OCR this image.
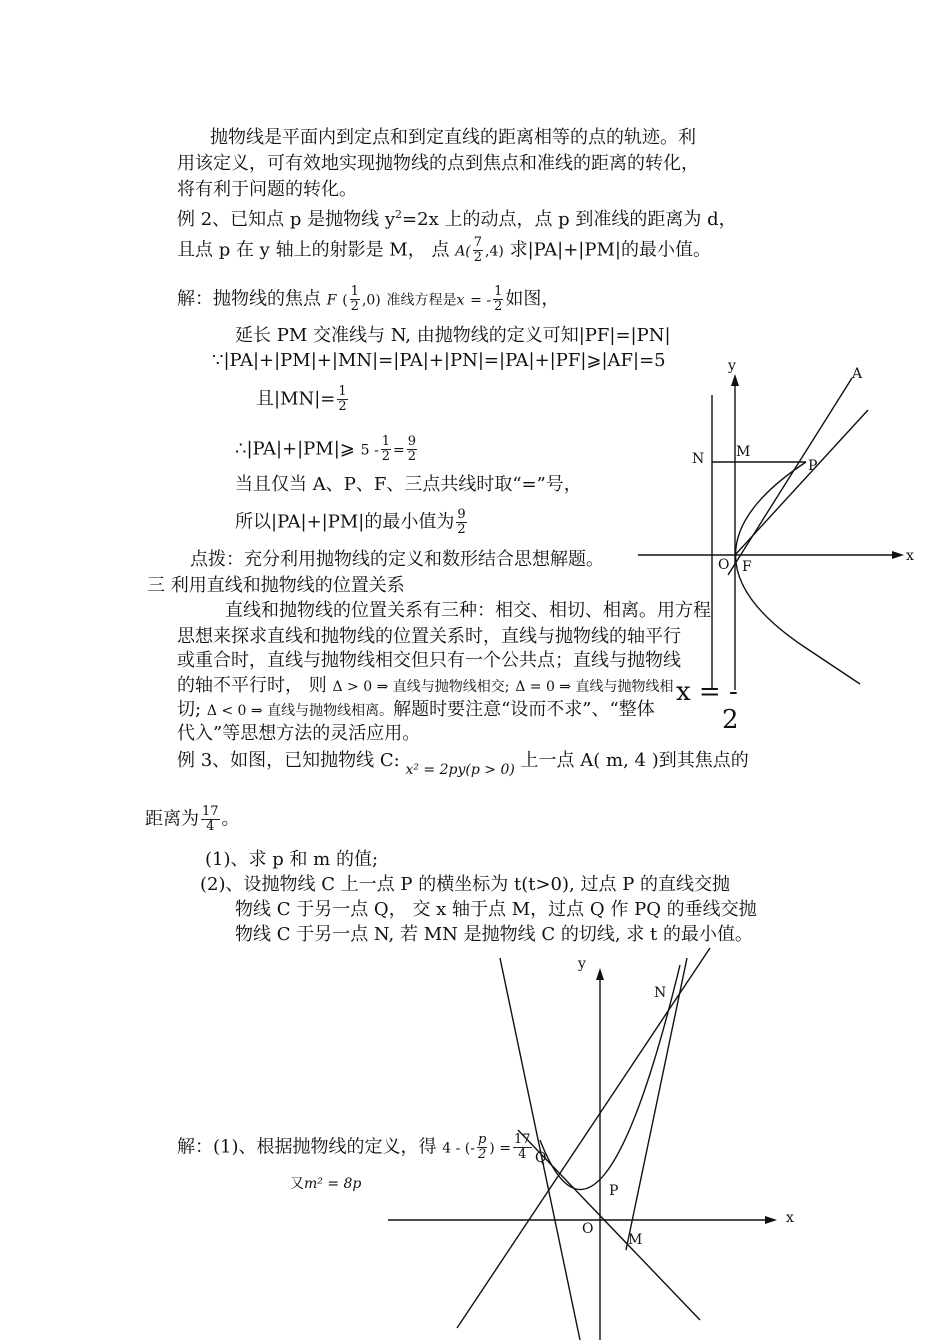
抛物线是平面内到定点和到定直线的距离相等的点的轨迹。利
用该定义，可有效地实现抛物线的点到焦点和准线的距离的转化，
将有利于问题的转化。
例 2、已知点 p 是抛物线 $y^2=2x$ 上的动点，点 p 到准线的距离为 d，
且点 p 在 y 轴上的射影是 M， 点 $A( \frac{7}{2} ,4)$ 求|PA|+|PM|的最小值。
解：抛物线的焦点 F ( $\frac{1}{2} ,0$) 准线方程是x = - $\frac{1}{2}$ 如图，
延长 PM 交准线与 N, 由抛物线的定义可知|PF|=|PN|
∵|PA|+|PM|+|MN|=|PA|+|PN|=|PA|+|PF|⩾|AF|=5
且$|MN|= \frac{1}{2}$
∴|PA|+|PM|⩾ $5 - \frac{1}{2} = \frac{9}{2}$
当且仅当 A、P、F、三点共线时取“=”号，
所以|PA|+|PM|的最小值为 $\frac{9}{2}$
点拨：充分利用抛物线的定义和数形结合思想解题。
三 利用直线和抛物线的位置关系
直线和抛物线的位置关系有三种：相交、相切、相离。用方程
思想来探求直线和抛物线的位置关系时，直线与抛物线的轴平行
或重合时，直线与抛物线相交但只有一个公共点；直线与抛物线
的轴不平行时， 则 Δ > 0 ⇒ 直线与抛物线相交; Δ = 0 ⇒ 直线与抛物线相
切; Δ < 0 ⇒ 直线与抛物线相离。解题时要注意“设而不求”、“整体
代入”等思想方法的灵活应用。
例 3、如图，已知抛物线 C: $_{x^2 = 2py(p > 0)}$ 上一点 A( m, 4 )到其焦点的
距离为 $\frac{17}{4}$ 。
(1)、求 p 和 m 的值;
(2)、设抛物线 C 上一点 P 的横坐标为 t(t>0), 过点 P 的直线交抛
物线 C 于另一点 Q， 交 x 轴于点 M，过点 Q 作 PQ 的垂线交抛
物线 C 于另一点 N, 若 MN 是抛物线 C 的切线, 求 t 的最小值。
解：(1)、根据抛物线的定义，得 4 - (- $\frac{p}{2}$ ) = $\frac{17}{4}$
又m² = 8p
y
x
A
N M
P
O F
x = -
2
y
x
N
Q
P
O
M
